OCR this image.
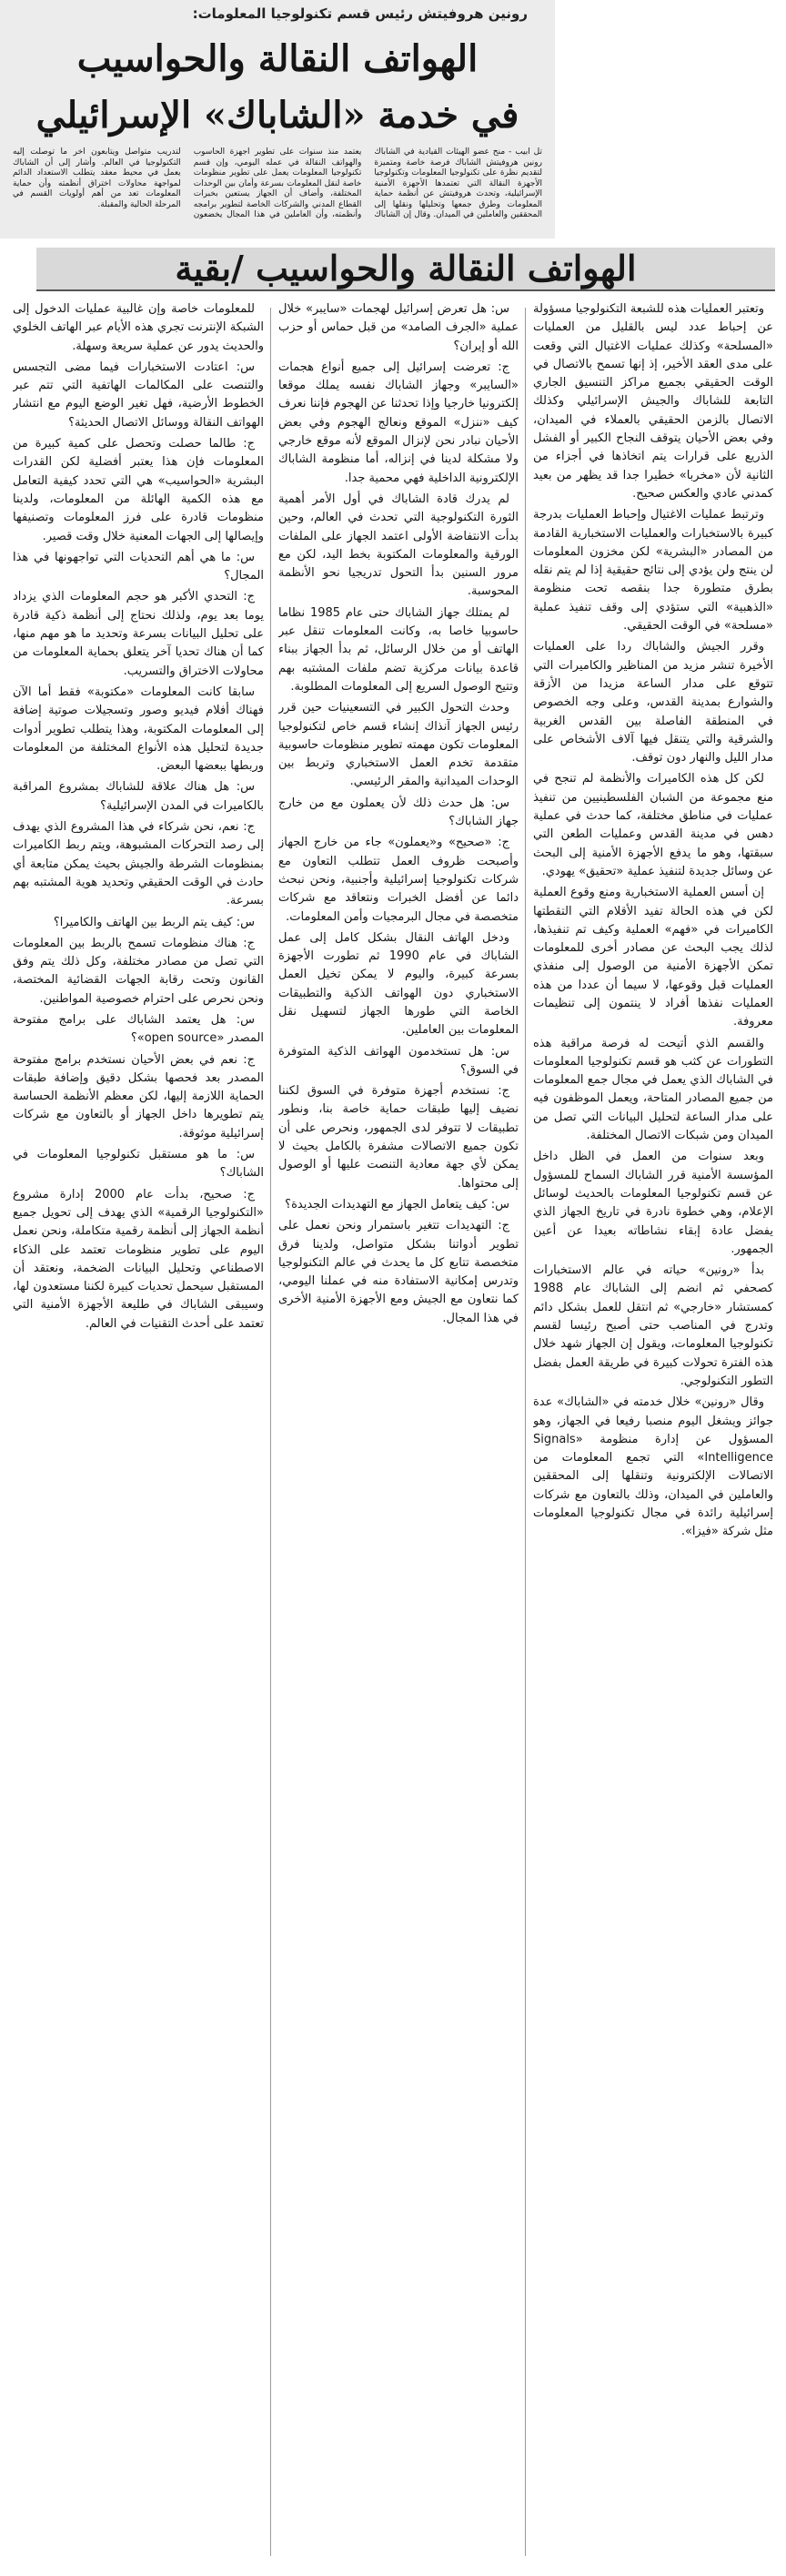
رونين هروفيتش رئيس قسم تكنولوجيا المعلومات:
الهواتف النقالة والحواسيب
في خدمة «الشاباك» الإسرائيلي
تل أبيب - منح عضو الهيئات القيادية في الشاباك رونين هروفيتش الشاباك فرصة خاصة ومتميزة لتقديم نظرة على تكنولوجيا المعلومات وتكنولوجيا الأجهزة النقالة التي تعتمدها الأجهزة الأمنية الإسرائيلية، وتحدث هروفيتش عن أنظمة حماية المعلومات وطرق جمعها وتحليلها ونقلها إلى المحققين والعاملين في الميدان. وقال إن الشاباك يعتمد منذ سنوات على تطوير أجهزة الحاسوب والهواتف النقالة في عمله اليومي، وإن قسم تكنولوجيا المعلومات يعمل على تطوير منظومات خاصة لنقل المعلومات بسرعة وأمان بين الوحدات المختلفة، وأضاف أن الجهاز يستعين بخبرات القطاع المدني والشركات الخاصة لتطوير برامجه وأنظمته، وأن العاملين في هذا المجال يخضعون لتدريب متواصل ويتابعون آخر ما توصلت إليه التكنولوجيا في العالم. وأشار إلى أن الشاباك يعمل في محيط معقد يتطلب الاستعداد الدائم لمواجهة محاولات اختراق أنظمته وأن حماية المعلومات تعد من أهم أولويات القسم في المرحلة الحالية والمقبلة.
الهواتف النقالة والحواسيب /بقية

وتعتبر العمليات هذه للشبعة التكنولوجيا مسؤولة عن إحباط عدد ليس بالقليل من العمليات «المسلحة» وكذلك عمليات الاغتيال التي وقعت على مدى العقد الأخير، إذ إنها تسمح بالاتصال في الوقت الحقيقي بجميع مراكز التنسيق الجاري التابعة للشاباك والجيش الإسرائيلي وكذلك الاتصال بالزمن الحقيقي بالعملاء في الميدان، وفي بعض الأحيان يتوقف النجاح الكبير أو الفشل الذريع على قرارات يتم اتخاذها في أجزاء من الثانية لأن «مخربا» خطيرا جدا قد يظهر من بعيد كمدني عادي والعكس صحيح.

وترتبط عمليات الاغتيال وإحباط العمليات بدرجة كبيرة بالاستخبارات والعمليات الاستخبارية القادمة من المصادر «البشرية» لكن مخزون المعلومات لن ينتج ولن يؤدي إلى نتائج حقيقية إذا لم يتم نقله بطرق متطورة جدا بنقصه تحت منظومة «الذهبية» التي ستؤدي إلى وقف تنفيذ عملية «مسلحة» في الوقت الحقيقي.

وقرر الجيش والشاباك ردا على العمليات الأخيرة تنشر مزيد من المناظير والكاميرات التي تتوقع على مدار الساعة مزيدا من الأزقة والشوارع بمدينة القدس، وعلى وجه الخصوص في المنطقة الفاصلة بين القدس الغربية والشرقية والتي يتنقل فيها آلاف الأشخاص على مدار الليل والنهار دون توقف.

لكن كل هذه الكاميرات والأنظمة لم تنجح في منع مجموعة من الشبان الفلسطينيين من تنفيذ عمليات في مناطق مختلفة، كما حدث في عملية دهس في مدينة القدس وعمليات الطعن التي سبقتها، وهو ما يدفع الأجهزة الأمنية إلى البحث عن وسائل جديدة لتنفيذ عملية «تحقيق» يهودي.

إن أسس العملية الاستخبارية ومنع وقوع العملية لكن في هذه الحالة تفيد الأقلام التي التقطتها الكاميرات في «فهم» العملية وكيف تم تنفيذها، لذلك يجب البحث عن مصادر أخرى للمعلومات تمكن الأجهزة الأمنية من الوصول إلى منفذي العمليات قبل وقوعها، لا سيما أن عددا من هذه العمليات نفذها أفراد لا ينتمون إلى تنظيمات معروفة.

والقسم الذي أتيحت له فرصة مراقبة هذه التطورات عن كثب هو قسم تكنولوجيا المعلومات في الشاباك الذي يعمل في مجال جمع المعلومات من جميع المصادر المتاحة، ويعمل الموظفون فيه على مدار الساعة لتحليل البيانات التي تصل من الميدان ومن شبكات الاتصال المختلفة.

وبعد سنوات من العمل في الظل داخل المؤسسة الأمنية قرر الشاباك السماح للمسؤول عن قسم تكنولوجيا المعلومات بالحديث لوسائل الإعلام، وهي خطوة نادرة في تاريخ الجهاز الذي يفضل عادة إبقاء نشاطاته بعيدا عن أعين الجمهور.

بدأ «رونين» حياته في عالم الاستخبارات كصحفي ثم انضم إلى الشاباك عام 1988 كمستشار «خارجي» ثم انتقل للعمل بشكل دائم وتدرج في المناصب حتى أصبح رئيسا لقسم تكنولوجيا المعلومات، ويقول إن الجهاز شهد خلال هذه الفترة تحولات كبيرة في طريقة العمل بفضل التطور التكنولوجي.

وقال «رونين» خلال خدمته في «الشاباك» عدة جوائز ويشغل اليوم منصبا رفيعا في الجهاز، وهو المسؤول عن إدارة منظومة «Signals Intelligence» التي تجمع المعلومات من الاتصالات الإلكترونية وتنقلها إلى المحققين والعاملين في الميدان، وذلك بالتعاون مع شركات إسرائيلية رائدة في مجال تكنولوجيا المعلومات مثل شركة «فيزا».

س: هل تعرض إسرائيل لهجمات «سايبر» خلال عملية «الجرف الصامد» من قبل حماس أو حزب الله أو إيران؟

ج: تعرضت إسرائيل إلى جميع أنواع هجمات «السايبر» وجهاز الشاباك نفسه يملك موقعا إلكترونيا خارجيا وإذا تحدثنا عن الهجوم فإننا نعرف كيف «ننزل» الموقع ونعالج الهجوم وفي بعض الأحيان نبادر نحن لإنزال الموقع لأنه موقع خارجي ولا مشكلة لدينا في إنزاله، أما منظومة الشاباك الإلكترونية الداخلية فهي محمية جدا.

لم يدرك قادة الشاباك في أول الأمر أهمية الثورة التكنولوجية التي تحدث في العالم، وحين بدأت الانتفاضة الأولى اعتمد الجهاز على الملفات الورقية والمعلومات المكتوبة بخط اليد، لكن مع مرور السنين بدأ التحول تدريجيا نحو الأنظمة المحوسبة.

لم يمتلك جهاز الشاباك حتى عام 1985 نظاما حاسوبيا خاصا به، وكانت المعلومات تنقل عبر الهاتف أو من خلال الرسائل، ثم بدأ الجهاز ببناء قاعدة بيانات مركزية تضم ملفات المشتبه بهم وتتيح الوصول السريع إلى المعلومات المطلوبة.

وحدث التحول الكبير في التسعينيات حين قرر رئيس الجهاز آنذاك إنشاء قسم خاص لتكنولوجيا المعلومات تكون مهمته تطوير منظومات حاسوبية متقدمة تخدم العمل الاستخباري وتربط بين الوحدات الميدانية والمقر الرئيسي.

س: هل حدث ذلك لأن يعملون مع من خارج جهاز الشاباك؟

ج: «صحيح» و«يعملون» جاء من خارج الجهاز وأصبحت ظروف العمل تتطلب التعاون مع شركات تكنولوجيا إسرائيلية وأجنبية، ونحن نبحث دائما عن أفضل الخبرات ونتعاقد مع شركات متخصصة في مجال البرمجيات وأمن المعلومات.

ودخل الهاتف النقال بشكل كامل إلى عمل الشاباك في عام 1990 ثم تطورت الأجهزة بسرعة كبيرة، واليوم لا يمكن تخيل العمل الاستخباري دون الهواتف الذكية والتطبيقات الخاصة التي طورها الجهاز لتسهيل نقل المعلومات بين العاملين.

س: هل تستخدمون الهواتف الذكية المتوفرة في السوق؟

ج: نستخدم أجهزة متوفرة في السوق لكننا نضيف إليها طبقات حماية خاصة بنا، ونطور تطبيقات لا تتوفر لدى الجمهور، ونحرص على أن تكون جميع الاتصالات مشفرة بالكامل بحيث لا يمكن لأي جهة معادية التنصت عليها أو الوصول إلى محتواها.

س: كيف يتعامل الجهاز مع التهديدات الجديدة؟

ج: التهديدات تتغير باستمرار ونحن نعمل على تطوير أدواتنا بشكل متواصل، ولدينا فرق متخصصة تتابع كل ما يحدث في عالم التكنولوجيا وتدرس إمكانية الاستفادة منه في عملنا اليومي، كما نتعاون مع الجيش ومع الأجهزة الأمنية الأخرى في هذا المجال.

للمعلومات خاصة وإن غالبية عمليات الدخول إلى الشبكة الإنترنت تجري هذه الأيام عبر الهاتف الخلوي والحديث يدور عن عملية سريعة وسهلة.

س: اعتادت الاستخبارات فيما مضى التجسس والتنصت على المكالمات الهاتفية التي تتم عبر الخطوط الأرضية، فهل تغير الوضع اليوم مع انتشار الهواتف النقالة ووسائل الاتصال الحديثة؟

ج: طالما حصلت وتحصل على كمية كبيرة من المعلومات فإن هذا يعتبر أفضلية لكن القدرات البشرية «الحواسيب» هي التي تحدد كيفية التعامل مع هذه الكمية الهائلة من المعلومات، ولدينا منظومات قادرة على فرز المعلومات وتصنيفها وإيصالها إلى الجهات المعنية خلال وقت قصير.

س: ما هي أهم التحديات التي تواجهونها في هذا المجال؟

ج: التحدي الأكبر هو حجم المعلومات الذي يزداد يوما بعد يوم، ولذلك نحتاج إلى أنظمة ذكية قادرة على تحليل البيانات بسرعة وتحديد ما هو مهم منها، كما أن هناك تحديا آخر يتعلق بحماية المعلومات من محاولات الاختراق والتسريب.

سابقا كانت المعلومات «مكتوبة» فقط أما الآن فهناك أفلام فيديو وصور وتسجيلات صوتية إضافة إلى المعلومات المكتوبة، وهذا يتطلب تطوير أدوات جديدة لتحليل هذه الأنواع المختلفة من المعلومات وربطها ببعضها البعض.

س: هل هناك علاقة للشاباك بمشروع المراقبة بالكاميرات في المدن الإسرائيلية؟

ج: نعم، نحن شركاء في هذا المشروع الذي يهدف إلى رصد التحركات المشبوهة، ويتم ربط الكاميرات بمنظومات الشرطة والجيش بحيث يمكن متابعة أي حادث في الوقت الحقيقي وتحديد هوية المشتبه بهم بسرعة.

س: كيف يتم الربط بين الهاتف والكاميرا؟

ج: هناك منظومات تسمح بالربط بين المعلومات التي تصل من مصادر مختلفة، وكل ذلك يتم وفق القانون وتحت رقابة الجهات القضائية المختصة، ونحن نحرص على احترام خصوصية المواطنين.

س: هل يعتمد الشاباك على برامج مفتوحة المصدر «open source»؟

ج: نعم في بعض الأحيان نستخدم برامج مفتوحة المصدر بعد فحصها بشكل دقيق وإضافة طبقات الحماية اللازمة إليها، لكن معظم الأنظمة الحساسة يتم تطويرها داخل الجهاز أو بالتعاون مع شركات إسرائيلية موثوقة.

س: ما هو مستقبل تكنولوجيا المعلومات في الشاباك؟

ج: صحيح، بدأت عام 2000 إدارة مشروع «التكنولوجيا الرقمية» الذي يهدف إلى تحويل جميع أنظمة الجهاز إلى أنظمة رقمية متكاملة، ونحن نعمل اليوم على تطوير منظومات تعتمد على الذكاء الاصطناعي وتحليل البيانات الضخمة، ونعتقد أن المستقبل سيحمل تحديات كبيرة لكننا مستعدون لها، وسيبقى الشاباك في طليعة الأجهزة الأمنية التي تعتمد على أحدث التقنيات في العالم.
